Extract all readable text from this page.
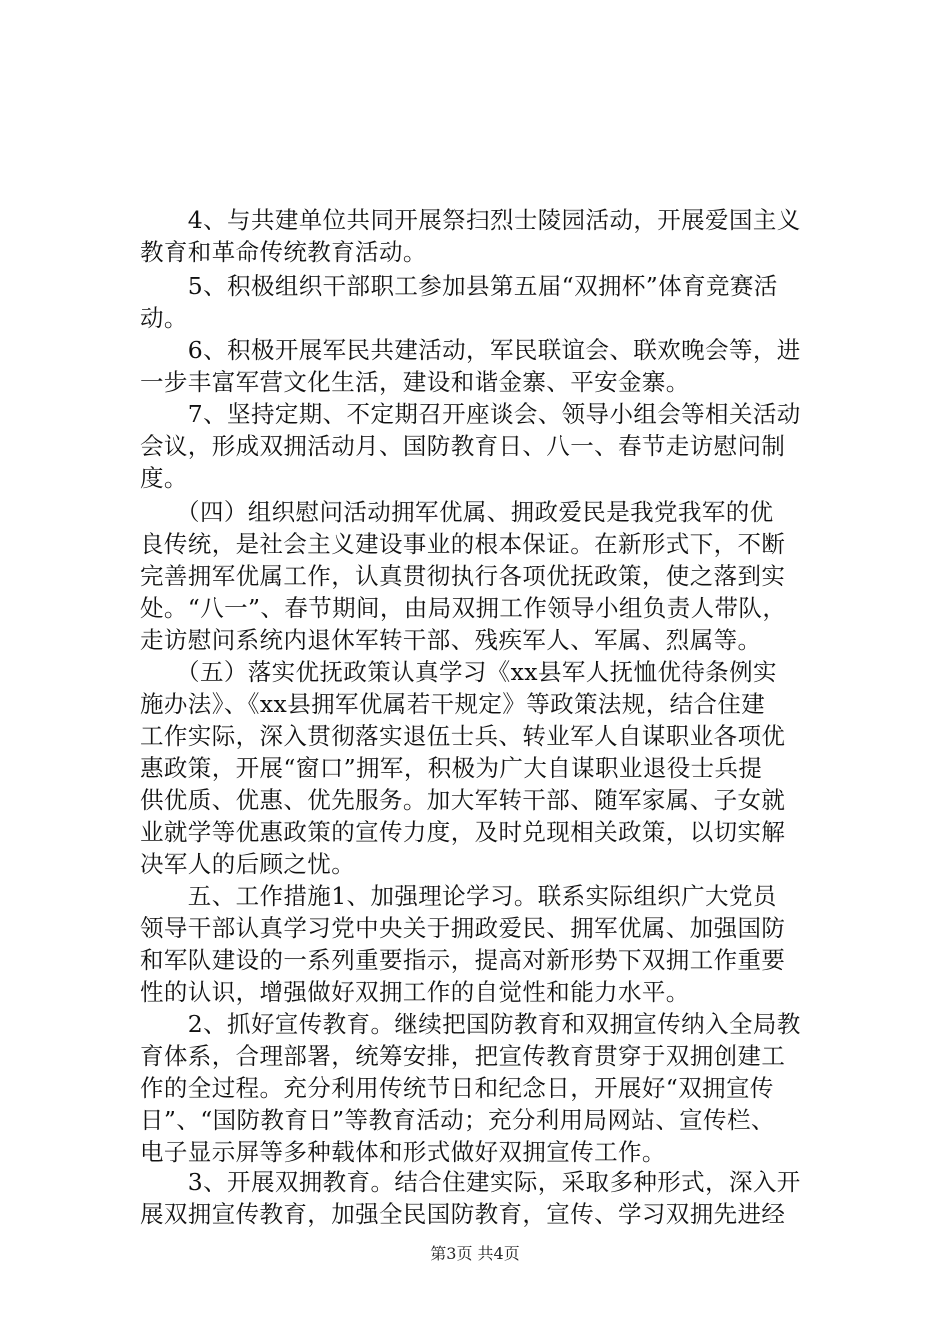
　　4、与共建单位共同开展祭扫烈士陵园活动，开展爱国主义
教育和革命传统教育活动。
　　5、积极组织干部职工参加县第五届“双拥杯”体育竞赛活
动。
　　6、积极开展军民共建活动，军民联谊会、联欢晚会等，进
一步丰富军营文化生活，建设和谐金寨、平安金寨。
　　7、坚持定期、不定期召开座谈会、领导小组会等相关活动
会议，形成双拥活动月、国防教育日、八一、春节走访慰问制
度。
　　（四）组织慰问活动拥军优属、拥政爱民是我党我军的优
良传统，是社会主义建设事业的根本保证。在新形式下，不断
完善拥军优属工作，认真贯彻执行各项优抚政策，使之落到实
处。“八一”、春节期间，由局双拥工作领导小组负责人带队，
走访慰问系统内退休军转干部、残疾军人、军属、烈属等。
　　（五）落实优抚政策认真学习《xx县军人抚恤优待条例实
施办法》、《xx县拥军优属若干规定》等政策法规，结合住建
工作实际，深入贯彻落实退伍士兵、转业军人自谋职业各项优
惠政策，开展“窗口”拥军，积极为广大自谋职业退役士兵提
供优质、优惠、优先服务。加大军转干部、随军家属、子女就
业就学等优惠政策的宣传力度，及时兑现相关政策，以切实解
决军人的后顾之忧。
　　五、工作措施1、加强理论学习。联系实际组织广大党员
领导干部认真学习党中央关于拥政爱民、拥军优属、加强国防
和军队建设的一系列重要指示，提高对新形势下双拥工作重要
性的认识，增强做好双拥工作的自觉性和能力水平。
　　2、抓好宣传教育。继续把国防教育和双拥宣传纳入全局教
育体系，合理部署，统筹安排，把宣传教育贯穿于双拥创建工
作的全过程。充分利用传统节日和纪念日，开展好“双拥宣传
日”、“国防教育日”等教育活动；充分利用局网站、宣传栏、
电子显示屏等多种载体和形式做好双拥宣传工作。
　　3、开展双拥教育。结合住建实际，采取多种形式，深入开
展双拥宣传教育，加强全民国防教育，宣传、学习双拥先进经
第3页 共4页
